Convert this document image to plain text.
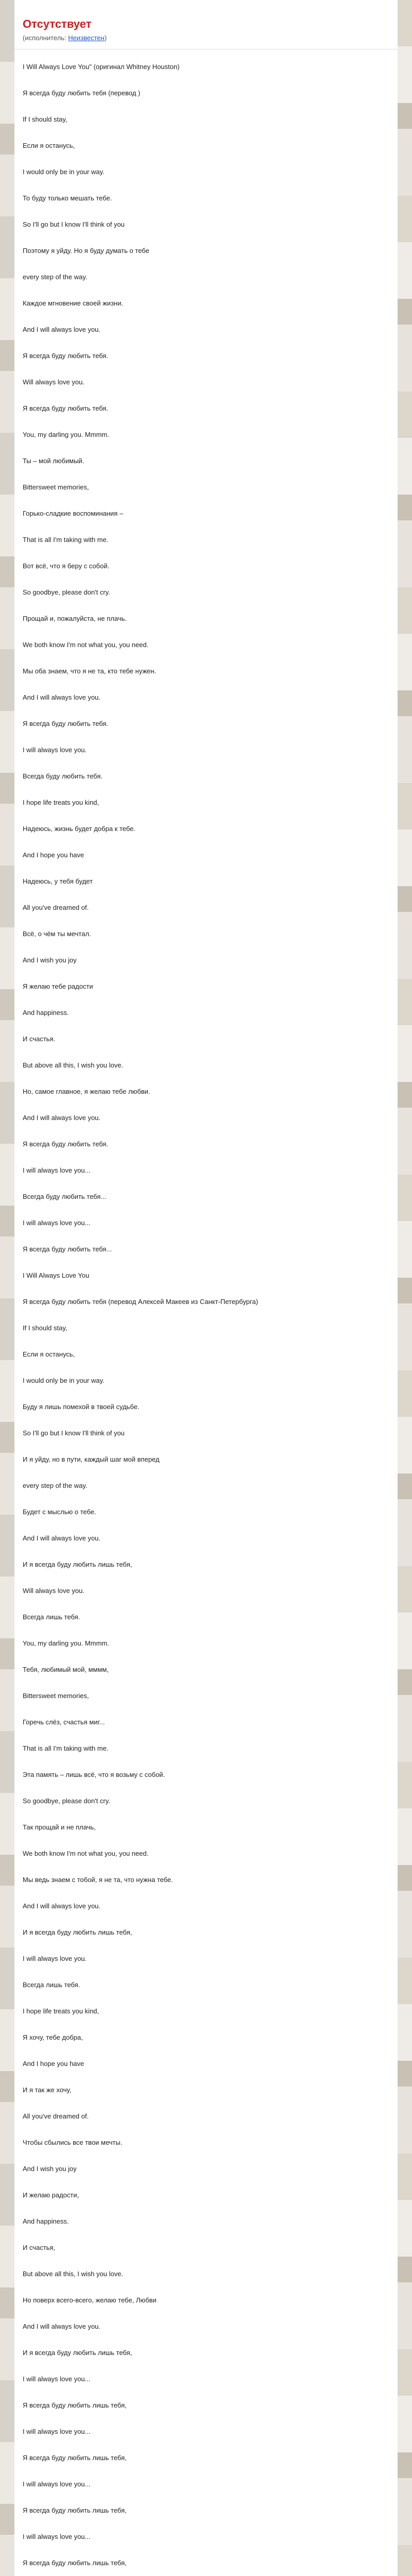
Отсутствует
(исполнитель: Неизвестен)
I Will Always Love You" (оригинал Whitney Houston)
Я всегда буду любить тебя (перевод )
If I should stay,
Если я останусь,
I would only be in your way.
То буду только мешать тебе.
So I'll go but I know I'll think of you
Поэтому я уйду. Но я буду думать о тебе
every step of the way.
Каждое мгновение своей жизни.
And I will always love you.
Я всегда буду любить тебя.
Will always love you.
Я всегда буду любить тебя.
You, my darling you. Mmmm.
Ты – мой любимый.
Bittersweet memories,
Горько-сладкие воспоминания –
That is all I'm taking with me.
Вот всё, что я беру с собой.
So goodbye, please don't cry.
Прощай и, пожалуйста, не плачь.
We both know I'm not what you, you need.
Мы оба знаем, что я не та, кто тебе нужен.
And I will always love you.
Я всегда буду любить тебя.
I will always love you.
Всегда буду любить тебя.
I hope life treats you kind,
Надеюсь, жизнь будет добра к тебе.
And I hope you have
Надеюсь, у тебя будет
All you've dreamed of.
Всё, о чём ты мечтал.
And I wish you joy
Я желаю тебе радости
And happiness.
И счастья.
But above all this, I wish you love.
Но, самое главное, я желаю тебе любви.
And I will always love you.
Я всегда буду любить тебя.
I will always love you...
Всегда буду любить тебя...
I will always love you...
Я всегда буду любить тебя...
I Will Always Love You
Я всегда буду любить тебя (перевод Алексей Макеев из Санкт-Петербурга)
If I should stay,
Если я останусь,
I would only be in your way.
Буду я лишь помехой в твоей судьбе.
So I'll go but I know I'll think of you
И я уйду, но в пути, каждый шаг мой вперед
every step of the way.
Будет с мыслью о тебе.
And I will always love you.
И я всегда буду любить лишь тебя,
Will always love you.
Всегда лишь тебя.
You, my darling you. Mmmm.
Тебя, любимый мой, мммм,
Bittersweet memories,
Горечь слёз, счастья миг...
That is all I'm taking with me.
Эта память – лишь всё, что я возьму с собой.
So goodbye, please don't cry.
Так прощай и не плачь,
We both know I'm not what you, you need.
Мы ведь знаем с тобой, я не та, что нужна тебе.
And I will always love you.
И я всегда буду любить лишь тебя,
I will always love you.
Всегда лишь тебя.
I hope life treats you kind,
Я хочу, тебе добра,
And I hope you have
И я так же хочу,
All you've dreamed of.
Чтобы сбылись все твои мечты.
And I wish you joy
И желаю радости,
And happiness.
И счастья,
But above all this, I wish you love.
Но поверх всего-всего, желаю тебе, Любви
And I will always love you.
И я всегда буду любить лишь тебя,
I will always love you...
Я всегда буду любить лишь тебя,
I will always love you...
Я всегда буду любить лишь тебя,
I will always love you...
Я всегда буду любить лишь тебя,
I will always love you...
Я всегда буду любить лишь тебя,
